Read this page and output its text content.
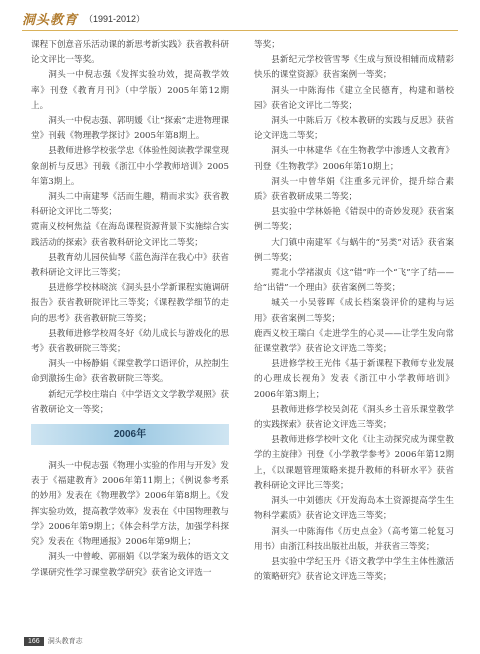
洞头教育 （1991-2012）

课程下创意音乐活动课的新思考新实践》获省教科研论文评比一等奖。

洞头一中倪志强《发挥实验功效，提高教学效率》刊登《教育月刊》（中学版）2005年第12期上。

洞头一中倪志强、郭明媛《让“探索”走进物理课堂》刊载《物理教学探讨》2005年第8期上。

县教师进修学校张学忠《体验性阅读教学课堂现象剖析与反思》刊载《浙江中小学教师培训》2005年第3期上。

洞头二中南建琴《活而生趣，精而求实》获省教科研论文评比二等奖；

霓南义校柯焦益《在海岛课程资源背景下实施综合实践活动的探索》获省教科研论文评比二等奖；

县教育幼儿园侯仙琴《蓝色海洋在我心中》获省教科研论文评比三等奖；

县进修学校林晓滨《洞头县小学新课程实施调研报告》获省教研院评比三等奖；《课程教学细节的走向的思考》获省教研院三等奖；

县教师进修学校周冬好《幼儿成长与游戏化的思考》获省教研院三等奖；

洞头一中杨静娟《课堂教学口语评价，从控制生命到激扬生命》获省教研院三等奖。

新纪元学校庄瑞白《中学语文文学教学观照》获省教研论文一等奖；

2006年

洞头一中倪志强《物理小实验的作用与开发》发表于《福建教育》2006年第11期上；《例说参考系的妙用》发表在《物理教学》2006年第8期上。《发挥实验功效，提高教学效率》发表在《中国物理教与学》2006年第9期上；《体会科学方法，加强学科探究》发表在《物理通报》2006年第9期上；

洞头一中曾峻、郭丽娟《以学案为载体的语文文学课研究性学习课堂教学研究》获省论文评选一

等奖；

县新纪元学校管雪琴《生成与预设相辅而成精彩快乐的课堂资源》获省案例一等奖；

洞头一中陈海伟《建立全民德育，构建和谐校园》获省论文评比二等奖；

洞头一中陈后万《校本教研的实践与反思》获省论文评选二等奖；

洞头一中林建华《在生物教学中渗透人文教育》刊登《生物教学》2006年第10期上；

洞头一中曾华娟《注重多元评价，提升综合素质》获省教研成果二等奖；

县实验中学林娇艳《错误中的奇妙发现》获省案例二等奖；

大门镇中南建军《与蜗牛的“另类”对话》获省案例二等奖；

霓北小学褚淑贞《这“错”咋一个“飞”字了结——给“出错”一个理由》获省案例二等奖；

城关一小吴蓉晖《成长档案袋评价的建构与运用》获省案例二等奖；

鹿西义校王瑞白《走进学生的心灵——让学生发向常征课堂教学》获省论文评选二等奖；

县进修学校王光伟《基于新课程下教师专业发展的心理成长视角》发表《浙江中小学教师培训》2006年第3期上；

县教师进修学校吴剑花《洞头乡土音乐课堂教学的实践探索》获省论文评选三等奖；

县教师进修学校叶文化《让主动探究成为课堂教学的主旋律》刊登《小学教学参考》2006年第12期上，《以课题管理策略来提升教师的科研水平》获省教科研论文评比三等奖；

洞头一中刘德庆《开发海岛本土资源提高学生生物科学素质》获省论文评选三等奖；

洞头一中陈海伟《历史点金》（高考第二轮复习用书）由浙江科技出版社出版，并获省三等奖；

县实验中学纪玉丹《语文教学中学生主体性激活的策略研究》获省论文评选三等奖；

166	洞头教育志
